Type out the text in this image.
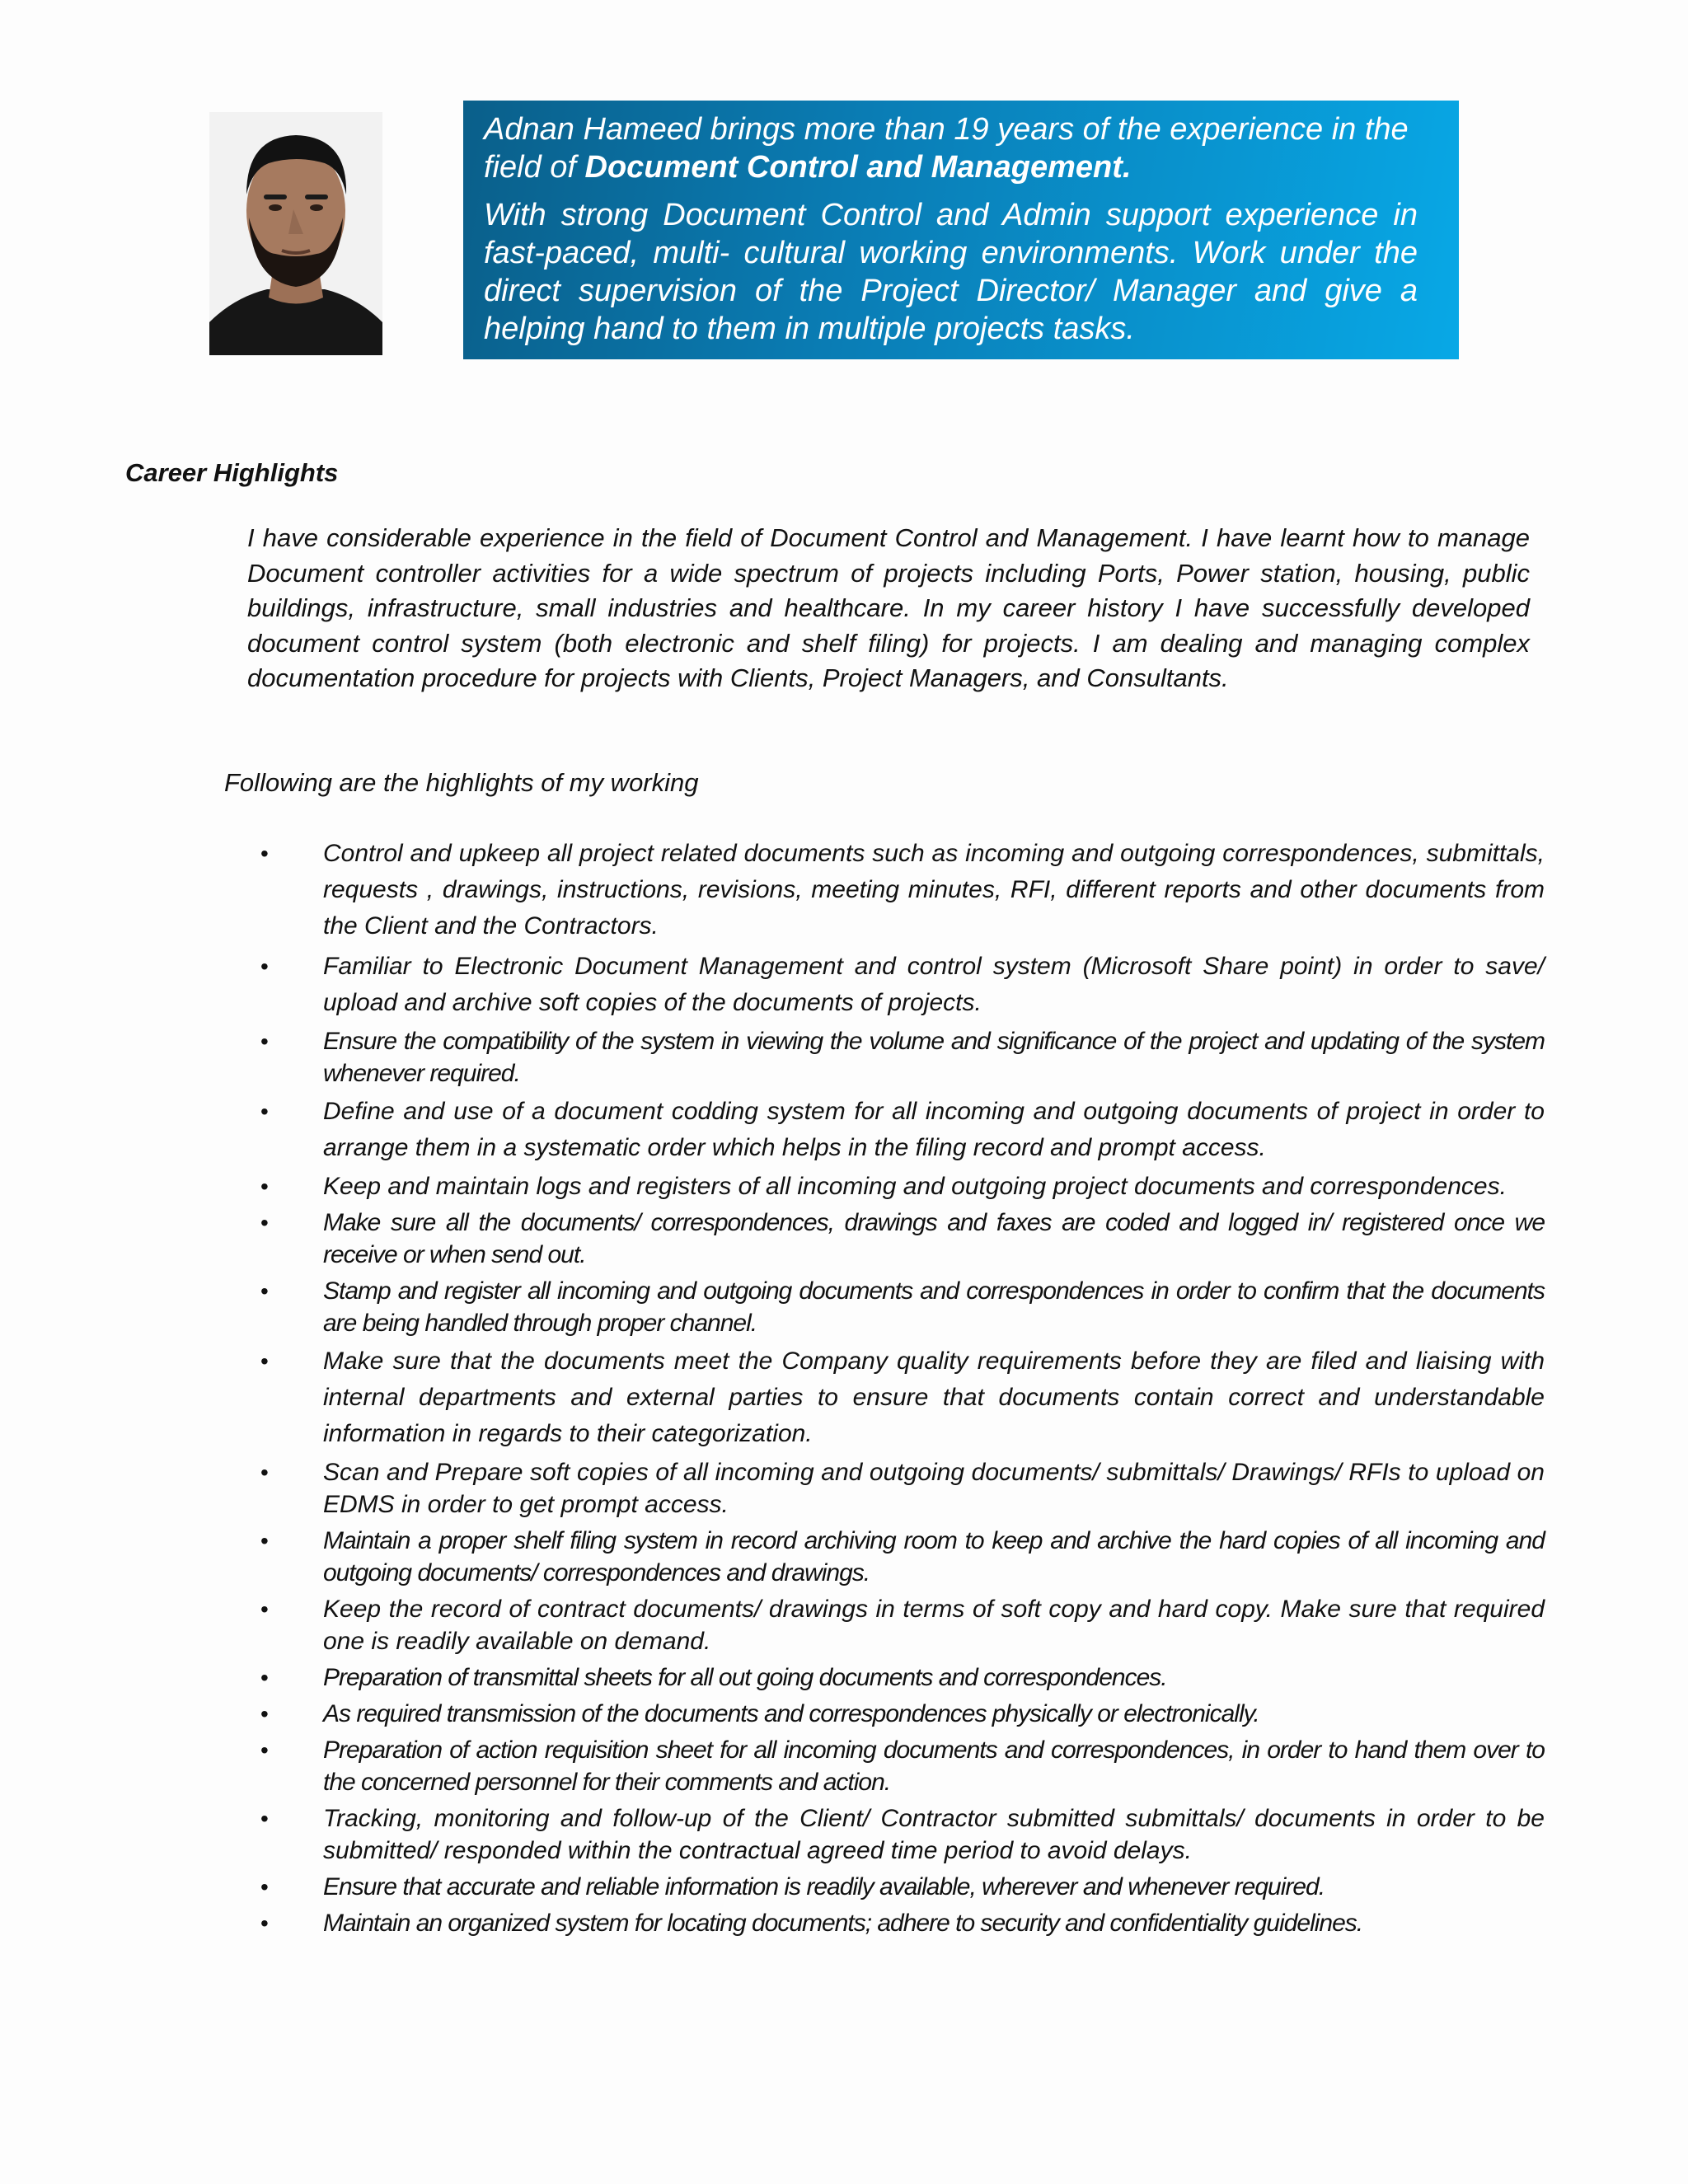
Adnan Hameed brings more than 19 years of the experience in the field of Document Control and Management.

With strong Document Control and Admin support experience in fast-paced, multi- cultural working environments. Work under the direct supervision of the Project Director/ Manager and give a helping hand to them in multiple projects tasks.

Career Highlights

I have considerable experience in the field of Document Control and Management. I have learnt how to manage Document controller activities for a wide spectrum of projects including Ports, Power station, housing, public buildings, infrastructure, small industries and healthcare. In my career history I have successfully developed document control system (both electronic and shelf filing) for projects. I am dealing and managing complex documentation procedure for projects with Clients, Project Managers, and Consultants.

Following are the highlights of my working

• Control and upkeep all project related documents such as incoming and outgoing correspondences, submittals, requests , drawings, instructions, revisions, meeting minutes, RFI, different reports and other documents from the Client and the Contractors.
• Familiar to Electronic Document Management and control system (Microsoft Share point) in order to save/ upload and archive soft copies of the documents of projects.
• Ensure the compatibility of the system in viewing the volume and significance of the project and updating of the system whenever required.
• Define and use of a document codding system for all incoming and outgoing documents of project in order to arrange them in a systematic order which helps in the filing record and prompt access.
• Keep and maintain logs and registers of all incoming and outgoing project documents and correspondences.
• Make sure all the documents/ correspondences, drawings and faxes are coded and logged in/ registered once we receive or when send out.
• Stamp and register all incoming and outgoing documents and correspondences in order to confirm that the documents are being handled through proper channel.
• Make sure that the documents meet the Company quality requirements before they are filed and liaising with internal departments and external parties to ensure that documents contain correct and understandable information in regards to their categorization.
• Scan and Prepare soft copies of all incoming and outgoing documents/ submittals/ Drawings/ RFIs to upload on EDMS in order to get prompt access.
• Maintain a proper shelf filing system in record archiving room to keep and archive the hard copies of all incoming and outgoing documents/ correspondences and drawings.
• Keep the record of contract documents/ drawings in terms of soft copy and hard copy. Make sure that required one is readily available on demand.
• Preparation of transmittal sheets for all out going documents and correspondences.
• As required transmission of the documents and correspondences physically or electronically.
• Preparation of action requisition sheet for all incoming documents and correspondences, in order to hand them over to the concerned personnel for their comments and action.
• Tracking, monitoring and follow-up of the Client/ Contractor submitted submittals/ documents in order to be submitted/ responded within the contractual agreed time period to avoid delays.
• Ensure that accurate and reliable information is readily available, wherever and whenever required.
• Maintain an organized system for locating documents; adhere to security and confidentiality guidelines.
